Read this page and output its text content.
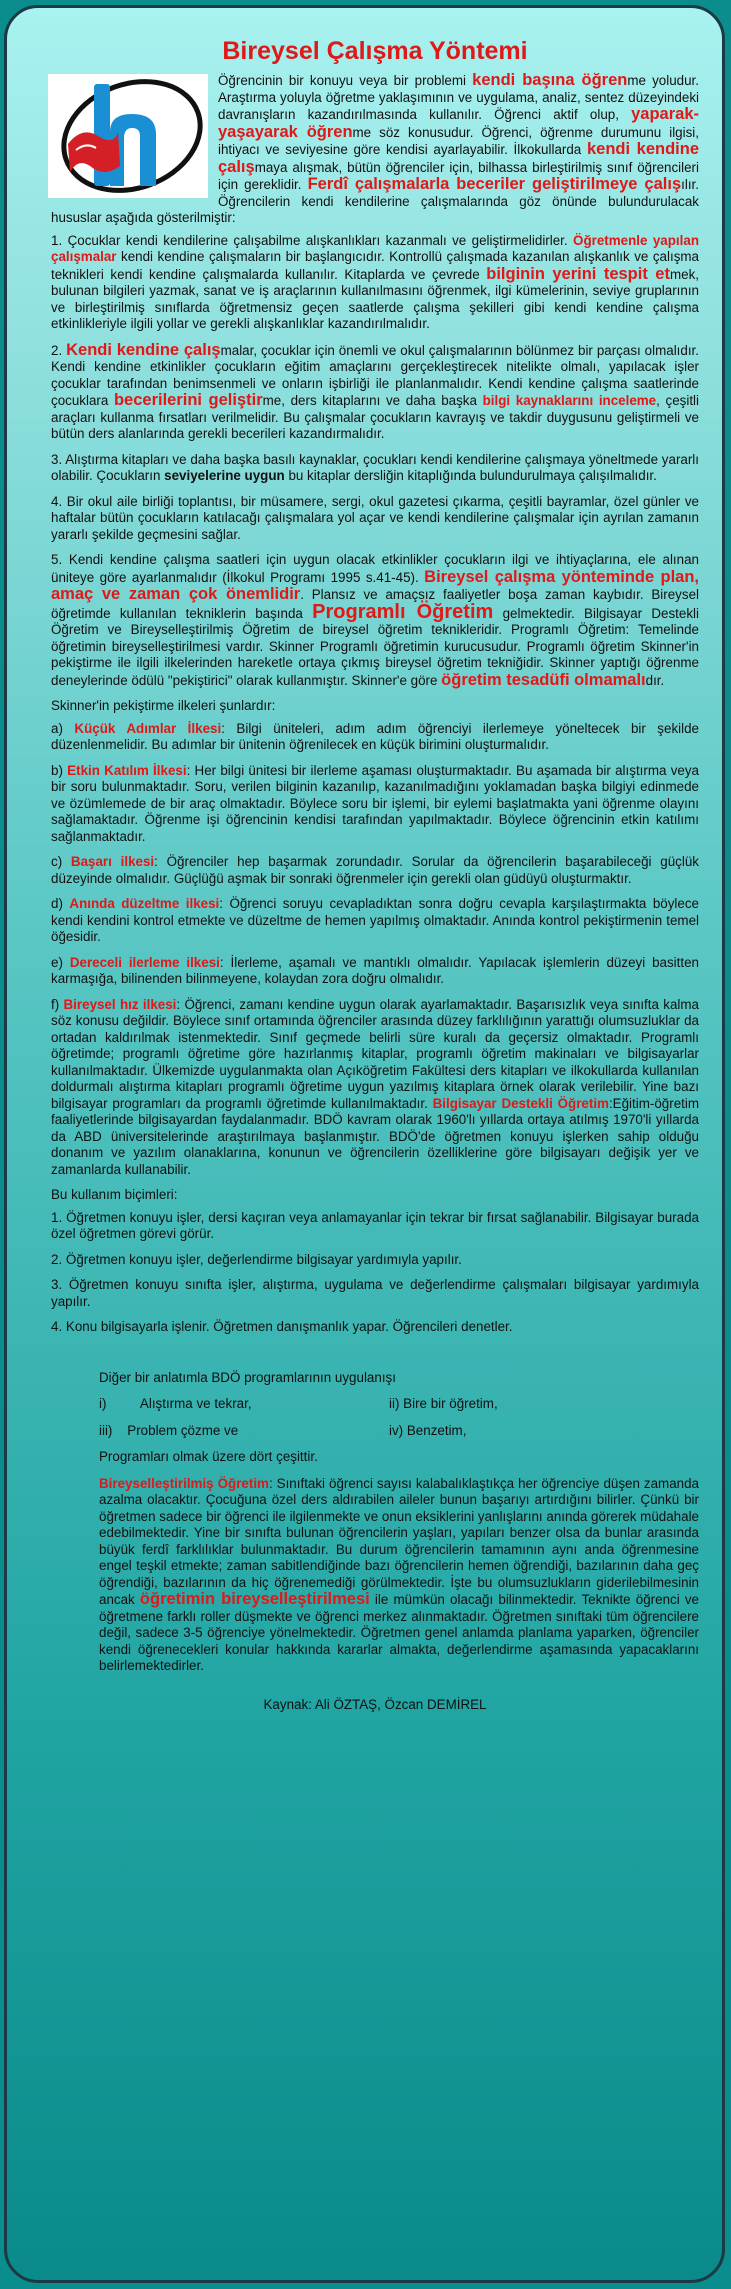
Bireysel Çalışma Yöntemi

Öğrencinin bir konuyu veya bir problemi kendi başına öğrenme yoludur. Araştırma yoluyla öğretme yaklaşımının ve uygulama, analiz, sentez düzeyindeki davranışların kazandırılmasında kullanılır. Öğrenci aktif olup, yaparak-yaşayarak öğrenme söz konusudur. Öğrenci, öğrenme durumunu ilgisi, ihtiyacı ve seviyesine göre kendisi ayarlayabilir. İlkokullarda kendi kendine çalışmaya alışmak, bütün öğrenciler için, bilhassa birleştirilmiş sınıf öğrencileri için gereklidir. Ferdî çalışmalarla beceriler geliştirilmeye çalışılır. Öğrencilerin kendi kendilerine çalışmalarında göz önünde bulundurulacak hususlar aşağıda gösterilmiştir:

1. Çocuklar kendi kendilerine çalışabilme alışkanlıkları kazanmalı ve geliştirmelidirler. Öğretmenle yapılan çalışmalar kendi kendine çalışmaların bir başlangıcıdır. Kontrollü çalışmada kazanılan alışkanlık ve çalışma teknikleri kendi kendine çalışmalarda kullanılır. Kitaplarda ve çevrede bilginin yerini tespit etmek, bulunan bilgileri yazmak, sanat ve iş araçlarının kullanılmasını öğrenmek, ilgi kümelerinin, seviye gruplarının ve birleştirilmiş sınıflarda öğretmensiz geçen saatlerde çalışma şekilleri gibi kendi kendine çalışma etkinlikleriyle ilgili yollar ve gerekli alışkanlıklar kazandırılmalıdır.
2. Kendi kendine çalışmalar, çocuklar için önemli ve okul çalışmalarının bölünmez bir parçası olmalıdır. Kendi kendine etkinlikler çocukların eğitim amaçlarını gerçekleştirecek nitelikte olmalı, yapılacak işler çocuklar tarafından benimsenmeli ve onların işbirliği ile planlanmalıdır. Kendi kendine çalışma saatlerinde çocuklara becerilerini geliştirme, ders kitaplarını ve daha başka bilgi kaynaklarını inceleme, çeşitli araçları kullanma fırsatları verilmelidir. Bu çalışmalar çocukların kavrayış ve takdir duygusunu geliştirmeli ve bütün ders alanlarında gerekli becerileri kazandırmalıdır.
3. Alıştırma kitapları ve daha başka basılı kaynaklar, çocukları kendi kendilerine çalışmaya yöneltmede yararlı olabilir. Çocukların seviyelerine uygun bu kitaplar dersliğin kitaplığında bulundurulmaya çalışılmalıdır.
4. Bir okul aile birliği toplantısı, bir müsamere, sergi, okul gazetesi çıkarma, çeşitli bayramlar, özel günler ve haftalar bütün çocukların katılacağı çalışmalara yol açar ve kendi kendilerine çalışmalar için ayrılan zamanın yararlı şekilde geçmesini sağlar.
5. Kendi kendine çalışma saatleri için uygun olacak etkinlikler çocukların ilgi ve ihtiyaçlarına, ele alınan üniteye göre ayarlanmalıdır (İlkokul Programı 1995 s.41-45). Bireysel çalışma yönteminde plan, amaç ve zaman çok önemlidir. Plansız ve amaçsız faaliyetler boşa zaman kaybıdır. Bireysel öğretimde kullanılan tekniklerin başında Programlı Öğretim gelmektedir. Bilgisayar Destekli Öğretim ve Bireyselleştirilmiş Öğretim de bireysel öğretim teknikleridir. Programlı Öğretim: Temelinde öğretimin bireyselleştirilmesi vardır. Skinner Programlı öğretimin kurucusudur. Programlı öğretim Skinner'in pekiştirme ile ilgili ilkelerinden hareketle ortaya çıkmış bireysel öğretim tekniğidir. Skinner yaptığı öğrenme deneylerinde ödülü "pekiştirici" olarak kullanmıştır. Skinner'e göre öğretim tesadüfi olmamalıdır.

Skinner'in pekiştirme ilkeleri şunlardır:

a) Küçük Adımlar İlkesi: Bilgi üniteleri, adım adım öğrenciyi ilerlemeye yöneltecek bir şekilde düzenlenmelidir. Bu adımlar bir ünitenin öğrenilecek en küçük birimini oluşturmalıdır.
b) Etkin Katılım İlkesi: Her bilgi ünitesi bir ilerleme aşaması oluşturmaktadır. Bu aşamada bir alıştırma veya bir soru bulunmaktadır. Soru, verilen bilginin kazanılıp, kazanılmadığını yoklamadan başka bilgiyi edinmede ve özümlemede de bir araç olmaktadır. Böylece soru bir işlemi, bir eylemi başlatmakta yani öğrenme olayını sağlamaktadır. Öğrenme işi öğrencinin kendisi tarafından yapılmaktadır. Böylece öğrencinin etkin katılımı sağlanmaktadır.
c) Başarı ilkesi: Öğrenciler hep başarmak zorundadır. Sorular da öğrencilerin başarabileceği güçlük düzeyinde olmalıdır. Güçlüğü aşmak bir sonraki öğrenmeler için gerekli olan güdüyü oluşturmaktır.
d) Anında düzeltme ilkesi: Öğrenci soruyu cevapladıktan sonra doğru cevapla karşılaştırmakta böylece kendi kendini kontrol etmekte ve düzeltme de hemen yapılmış olmaktadır. Anında kontrol pekiştirmenin temel öğesidir.
e) Dereceli ilerleme ilkesi: İlerleme, aşamalı ve mantıklı olmalıdır. Yapılacak işlemlerin düzeyi basitten karmaşığa, bilinenden bilinmeyene, kolaydan zora doğru olmalıdır.
f) Bireysel hız ilkesi: Öğrenci, zamanı kendine uygun olarak ayarlamaktadır. Başarısızlık veya sınıfta kalma söz konusu değildir. Böylece sınıf ortamında öğrenciler arasında düzey farklılığının yarattığı olumsuzluklar da ortadan kaldırılmak istenmektedir. Sınıf geçmede belirli süre kuralı da geçersiz olmaktadır. Programlı öğretimde; programlı öğretime göre hazırlanmış kitaplar, programlı öğretim makinaları ve bilgisayarlar kullanılmaktadır. Ülkemizde uygulanmakta olan Açıköğretim Fakültesi ders kitapları ve ilkokullarda kullanılan doldurmalı alıştırma kitapları programlı öğretime uygun yazılmış kitaplara örnek olarak verilebilir. Yine bazı bilgisayar programları da programlı öğretimde kullanılmaktadır. Bilgisayar Destekli Öğretim:Eğitim-öğretim faaliyetlerinde bilgisayardan faydalanmadır. BDÖ kavram olarak 1960'lı yıllarda ortaya atılmış 1970'li yıllarda da ABD üniversitelerinde araştırılmaya başlanmıştır. BDÖ'de öğretmen konuyu işlerken sahip olduğu donanım ve yazılım olanaklarına, konunun ve öğrencilerin özelliklerine göre bilgisayarı değişik yer ve zamanlarda kullanabilir.

Bu kullanım biçimleri:

1. Öğretmen konuyu işler, dersi kaçıran veya anlamayanlar için tekrar bir fırsat sağlanabilir. Bilgisayar burada özel öğretmen görevi görür.
2. Öğretmen konuyu işler, değerlendirme bilgisayar yardımıyla yapılır.
3. Öğretmen konuyu sınıfta işler, alıştırma, uygulama ve değerlendirme çalışmaları bilgisayar yardımıyla yapılır.
4. Konu bilgisayarla işlenir. Öğretmen danışmanlık yapar. Öğrencileri denetler.

Diğer bir anlatımla BDÖ programlarının uygulanışı

i) Alıştırma ve tekrar,	ii) Bire bir öğretim,
iii) Problem çözme ve	iv) Benzetim,

Programları olmak üzere dört çeşittir.

Bireyselleştirilmiş Öğretim: Sınıftaki öğrenci sayısı kalabalıklaştıkça her öğrenciye düşen zamanda azalma olacaktır. Çocuğuna özel ders aldırabilen aileler bunun başarıyı artırdığını bilirler. Çünkü bir öğretmen sadece bir öğrenci ile ilgilenmekte ve onun eksiklerini yanlışlarını anında görerek müdahale edebilmektedir. Yine bir sınıfta bulunan öğrencilerin yaşları, yapıları benzer olsa da bunlar arasında büyük ferdî farklılıklar bulunmaktadır. Bu durum öğrencilerin tamamının aynı anda öğrenmesine engel teşkil etmekte; zaman sabitlendiğinde bazı öğrencilerin hemen öğrendiği, bazılarının daha geç öğrendiği, bazılarının da hiç öğrenemediği görülmektedir. İşte bu olumsuzlukların giderilebilmesinin ancak öğretimin bireyselleştirilmesi ile mümkün olacağı bilinmektedir. Teknikte öğrenci ve öğretmene farklı roller düşmekte ve öğrenci merkez alınmaktadır. Öğretmen sınıftaki tüm öğrencilere değil, sadece 3-5 öğrenciye yönelmektedir. Öğretmen genel anlamda planlama yaparken, öğrenciler kendi öğrenecekleri konular hakkında kararlar almakta, değerlendirme aşamasında yapacaklarını belirlemektedirler.

Kaynak: Ali ÖZTAŞ, Özcan DEMİREL
